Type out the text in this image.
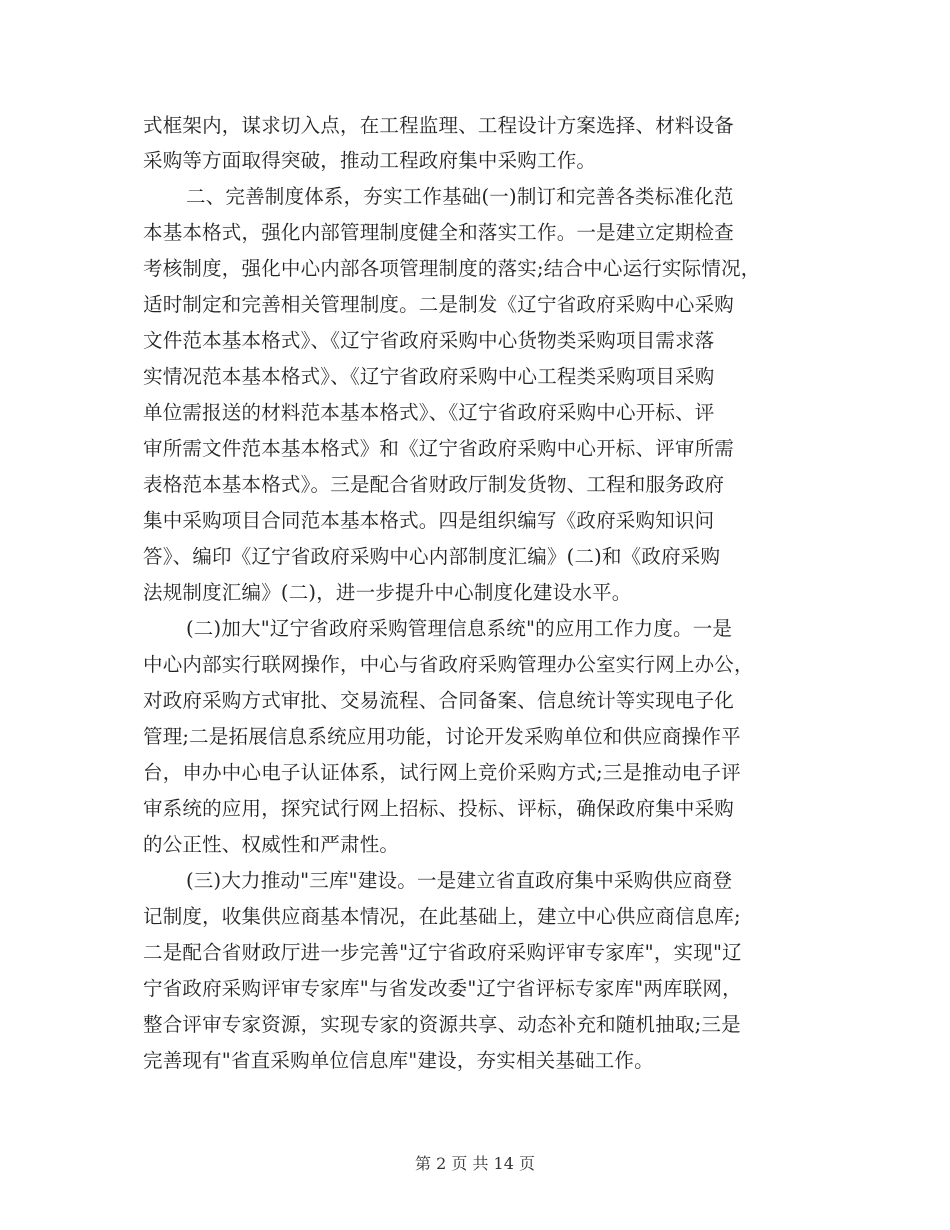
式框架内，谋求切入点，在工程监理、工程设计方案选择、材料设备
采购等方面取得突破，推动工程政府集中采购工作。
二、完善制度体系，夯实工作基础(一)制订和完善各类标准化范
本基本格式，强化内部管理制度健全和落实工作。一是建立定期检查
考核制度，强化中心内部各项管理制度的落实;结合中心运行实际情况，
适时制定和完善相关管理制度。二是制发《辽宁省政府采购中心采购
文件范本基本格式》、《辽宁省政府采购中心货物类采购项目需求落
实情况范本基本格式》、《辽宁省政府采购中心工程类采购项目采购
单位需报送的材料范本基本格式》、《辽宁省政府采购中心开标、评
审所需文件范本基本格式》和《辽宁省政府采购中心开标、评审所需
表格范本基本格式》。三是配合省财政厅制发货物、工程和服务政府
集中采购项目合同范本基本格式。四是组织编写《政府采购知识问
答》、编印《辽宁省政府采购中心内部制度汇编》(二)和《政府采购
法规制度汇编》(二)，进一步提升中心制度化建设水平。
(二)加大"辽宁省政府采购管理信息系统"的应用工作力度。一是
中心内部实行联网操作，中心与省政府采购管理办公室实行网上办公，
对政府采购方式审批、交易流程、合同备案、信息统计等实现电子化
管理;二是拓展信息系统应用功能，讨论开发采购单位和供应商操作平
台，申办中心电子认证体系，试行网上竞价采购方式;三是推动电子评
审系统的应用，探究试行网上招标、投标、评标，确保政府集中采购
的公正性、权威性和严肃性。
(三)大力推动"三库"建设。一是建立省直政府集中采购供应商登
记制度，收集供应商基本情况，在此基础上，建立中心供应商信息库;
二是配合省财政厅进一步完善"辽宁省政府采购评审专家库"，实现"辽
宁省政府采购评审专家库"与省发改委"辽宁省评标专家库"两库联网，
整合评审专家资源，实现专家的资源共享、动态补充和随机抽取;三是
完善现有"省直采购单位信息库"建设，夯实相关基础工作。
第 2 页 共 14 页
